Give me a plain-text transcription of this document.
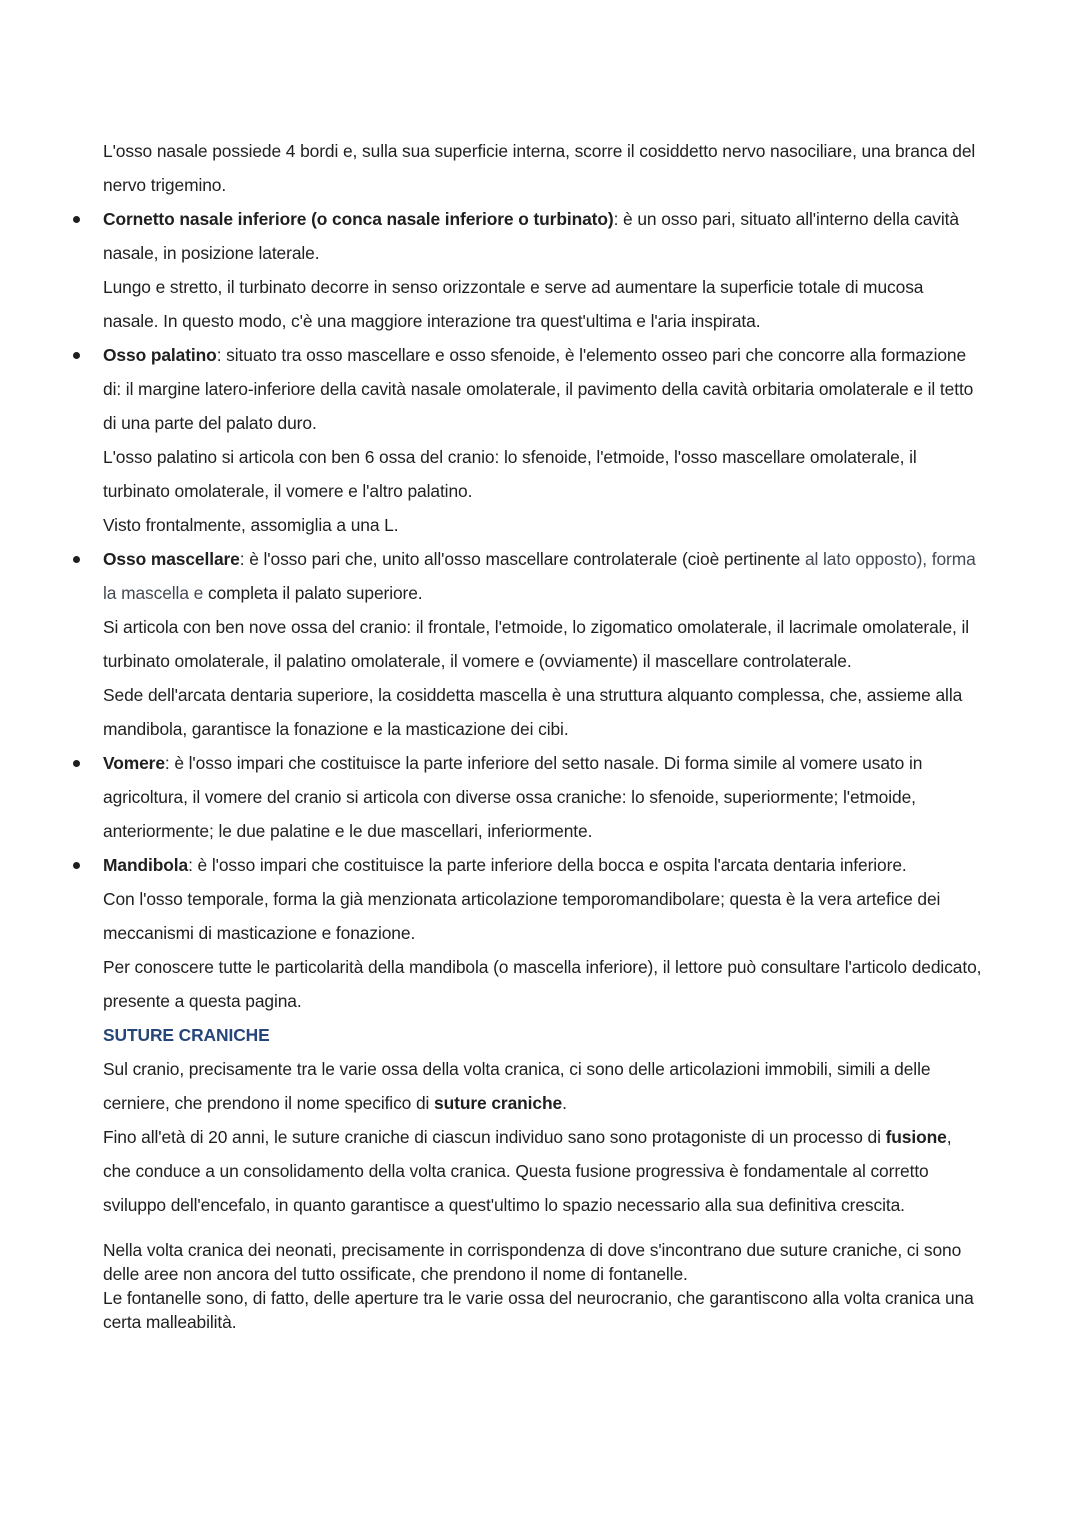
L'osso nasale possiede 4 bordi e, sulla sua superficie interna, scorre il cosiddetto nervo nasociliare, una branca del nervo trigemino.

Cornetto nasale inferiore (o conca nasale inferiore o turbinato): è un osso pari, situato all'interno della cavità nasale, in posizione laterale.

Lungo e stretto, il turbinato decorre in senso orizzontale e serve ad aumentare la superficie totale di mucosa nasale. In questo modo, c'è una maggiore interazione tra quest'ultima e l'aria inspirata.

Osso palatino: situato tra osso mascellare e osso sfenoide, è l'elemento osseo pari che concorre alla formazione di: il margine latero-inferiore della cavità nasale omolaterale, il pavimento della cavità orbitaria omolaterale e il tetto di una parte del palato duro.

L'osso palatino si articola con ben 6 ossa del cranio: lo sfenoide, l'etmoide, l'osso mascellare omolaterale, il turbinato omolaterale, il vomere e l'altro palatino.

Visto frontalmente, assomiglia a una L.

Osso mascellare: è l'osso pari che, unito all'osso mascellare controlaterale (cioè pertinente al lato opposto), forma la mascella e completa il palato superiore.

Si articola con ben nove ossa del cranio: il frontale, l'etmoide, lo zigomatico omolaterale, il lacrimale omolaterale, il turbinato omolaterale, il palatino omolaterale, il vomere e (ovviamente) il mascellare controlaterale.

Sede dell'arcata dentaria superiore, la cosiddetta mascella è una struttura alquanto complessa, che, assieme alla mandibola, garantisce la fonazione e la masticazione dei cibi.

Vomere: è l'osso impari che costituisce la parte inferiore del setto nasale. Di forma simile al vomere usato in agricoltura, il vomere del cranio si articola con diverse ossa craniche: lo sfenoide, superiormente; l'etmoide, anteriormente; le due palatine e le due mascellari, inferiormente.

Mandibola: è l'osso impari che costituisce la parte inferiore della bocca e ospita l'arcata dentaria inferiore.

Con l'osso temporale, forma la già menzionata articolazione temporomandibolare; questa è la vera artefice dei meccanismi di masticazione e fonazione.

Per conoscere tutte le particolarità della mandibola (o mascella inferiore), il lettore può consultare l'articolo dedicato, presente a questa pagina.

SUTURE CRANICHE

Sul cranio, precisamente tra le varie ossa della volta cranica, ci sono delle articolazioni immobili, simili a delle cerniere, che prendono il nome specifico di suture craniche.

Fino all'età di 20 anni, le suture craniche di ciascun individuo sano sono protagoniste di un processo di fusione, che conduce a un consolidamento della volta cranica. Questa fusione progressiva è fondamentale al corretto sviluppo dell'encefalo, in quanto garantisce a quest'ultimo lo spazio necessario alla sua definitiva crescita.

Nella volta cranica dei neonati, precisamente in corrispondenza di dove s'incontrano due suture craniche, ci sono delle aree non ancora del tutto ossificate, che prendono il nome di fontanelle.

Le fontanelle sono, di fatto, delle aperture tra le varie ossa del neurocranio, che garantiscono alla volta cranica una certa malleabilità.
